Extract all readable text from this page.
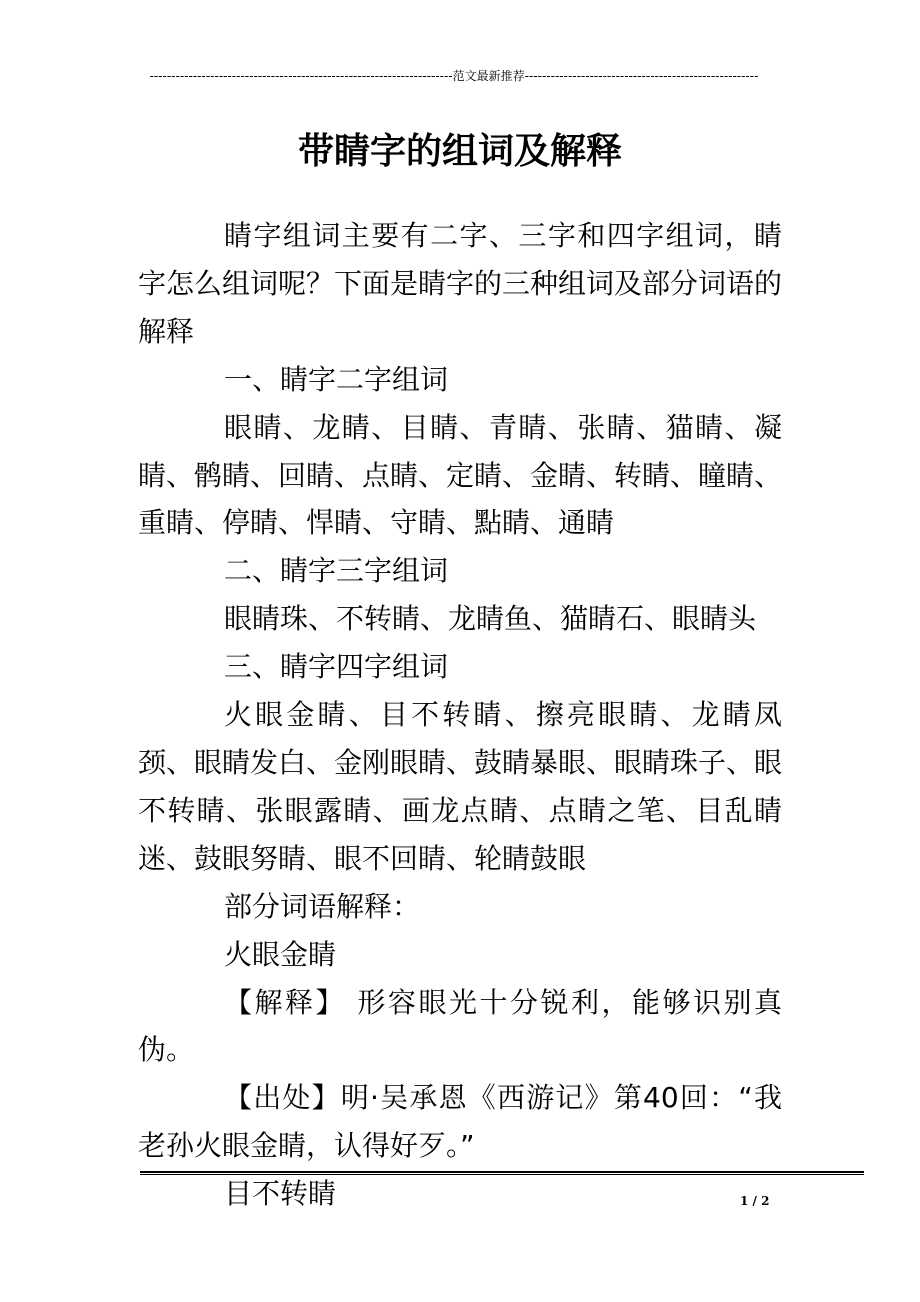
----------------------------------------------------------------------范文最新推荐------------------------------------------------------
带睛字的组词及解释

睛字组词主要有二字、三字和四字组词，睛字怎么组词呢？下面是睛字的三种组词及部分词语的解释

一、睛字二字组词

眼睛、龙睛、目睛、青睛、张睛、猫睛、凝睛、鹘睛、回睛、点睛、定睛、金睛、转睛、瞳睛、重睛、停睛、悍睛、守睛、點睛、通睛

二、睛字三字组词

眼睛珠、不转睛、龙睛鱼、猫睛石、眼睛头

三、睛字四字组词

火眼金睛、目不转睛、擦亮眼睛、龙睛凤颈、眼睛发白、金刚眼睛、鼓睛暴眼、眼睛珠子、眼不转睛、张眼露睛、画龙点睛、点睛之笔、目乱睛迷、鼓眼努睛、眼不回睛、轮睛鼓眼

部分词语解释：

火眼金睛

【解释】 形容眼光十分锐利，能够识别真伪。

【出处】明·吴承恩《西游记》第40回：“我老孙火眼金睛，认得好歹。”

目不转睛	1 / 2
